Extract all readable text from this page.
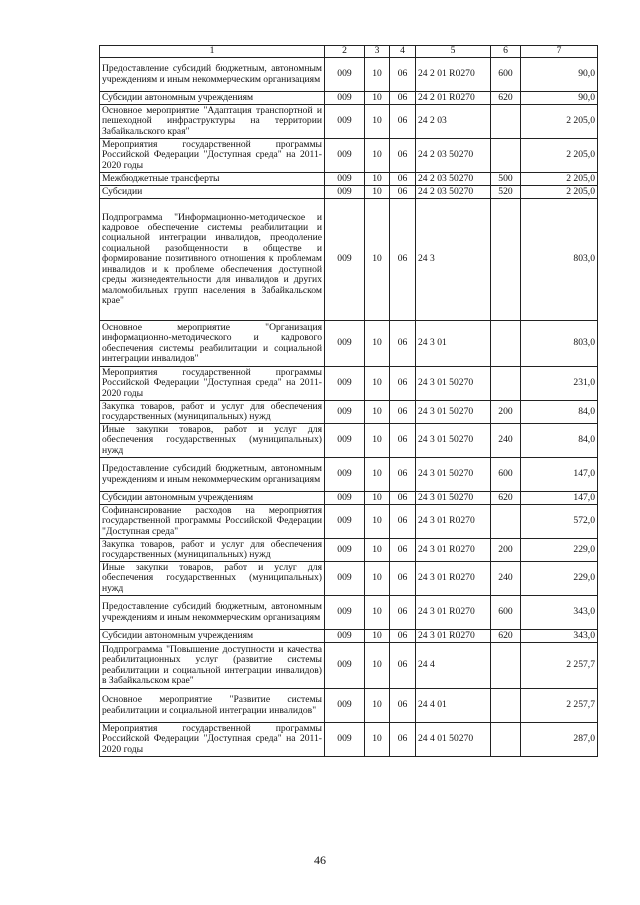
1	2	3	4	5	6	7
Предоставление субсидий бюджетным, автономным учреждениям и иным некоммерческим организациям	009	10	06	24 2 01 R0270	600	90,0
Субсидии автономным учреждениям	009	10	06	24 2 01 R0270	620	90,0
Основное мероприятие "Адаптация транспортной и пешеходной инфраструктуры на территории Забайкальского края"	009	10	06	24 2 03		2 205,0
Мероприятия государственной программы Российской Федерации "Доступная среда" на 2011-2020 годы	009	10	06	24 2 03 50270		2 205,0
Межбюджетные трансферты	009	10	06	24 2 03 50270	500	2 205,0
Субсидии	009	10	06	24 2 03 50270	520	2 205,0
Подпрограмма "Информационно-методическое и кадровое обеспечение системы реабилитации и социальной интеграции инвалидов, преодоление социальной разобщенности в обществе и формирование позитивного отношения к проблемам инвалидов и к проблеме обеспечения доступной среды жизнедеятельности для инвалидов и других маломобильных групп населения в Забайкальском крае"	009	10	06	24 3		803,0
Основное мероприятие "Организация информационно-методического и кадрового обеспечения системы реабилитации и социальной интеграции инвалидов"	009	10	06	24 3 01		803,0
Мероприятия государственной программы Российской Федерации "Доступная среда" на 2011-2020 годы	009	10	06	24 3 01 50270		231,0
Закупка товаров, работ и услуг для обеспечения государственных (муниципальных) нужд	009	10	06	24 3 01 50270	200	84,0
Иные закупки товаров, работ и услуг для обеспечения государственных (муниципальных) нужд	009	10	06	24 3 01 50270	240	84,0
Предоставление субсидий бюджетным, автономным учреждениям и иным некоммерческим организациям	009	10	06	24 3 01 50270	600	147,0
Субсидии автономным учреждениям	009	10	06	24 3 01 50270	620	147,0
Софинансирование расходов на мероприятия государственной программы Российской Федерации "Доступная среда"	009	10	06	24 3 01 R0270		572,0
Закупка товаров, работ и услуг для обеспечения государственных (муниципальных) нужд	009	10	06	24 3 01 R0270	200	229,0
Иные закупки товаров, работ и услуг для обеспечения государственных (муниципальных) нужд	009	10	06	24 3 01 R0270	240	229,0
Предоставление субсидий бюджетным, автономным учреждениям и иным некоммерческим организациям	009	10	06	24 3 01 R0270	600	343,0
Субсидии автономным учреждениям	009	10	06	24 3 01 R0270	620	343,0
Подпрограмма "Повышение доступности и качества реабилитационных услуг (развитие системы реабилитации и социальной интеграции инвалидов) в Забайкальском крае"	009	10	06	24 4		2 257,7
Основное мероприятие "Развитие системы реабилитации и социальной интеграции инвалидов"	009	10	06	24 4 01		2 257,7
Мероприятия государственной программы Российской Федерации "Доступная среда" на 2011-2020 годы	009	10	06	24 4 01 50270		287,0
46
